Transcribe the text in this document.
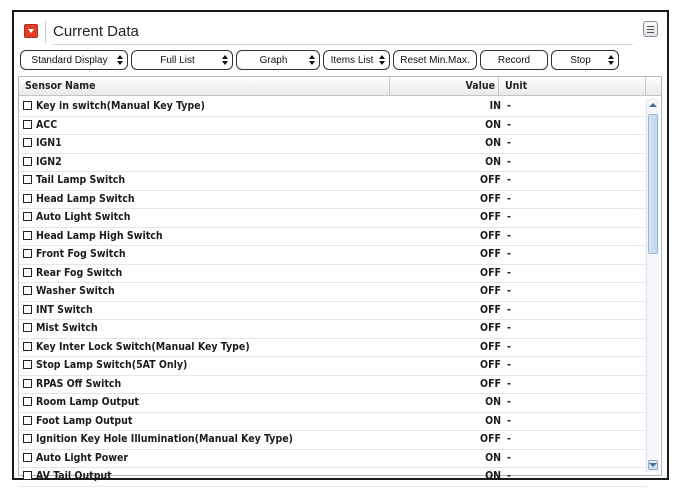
Current Data
Standard Display	Full List	Graph	Items List	Reset Min.Max.	Record	Stop
Sensor Name	Value Unit
Key in switch(Manual Key Type)	IN -
ACC	ON -
IGN1	ON -
IGN2	ON -
Tail Lamp Switch	OFF -
Head Lamp Switch	OFF -
Auto Light Switch	OFF -
Head Lamp High Switch	OFF -
Front Fog Switch	OFF -
Rear Fog Switch	OFF -
Washer Switch	OFF -
INT Switch	OFF -
Mist Switch	OFF -
Key Inter Lock Switch(Manual Key Type)	OFF -
Stop Lamp Switch(5AT Only)	OFF -
RPAS Off Switch	OFF -
Room Lamp Output	ON -
Foot Lamp Output	ON -
Ignition Key Hole Illumination(Manual Key Type)	OFF -
Auto Light Power	ON -
AV Tail Output	ON -
